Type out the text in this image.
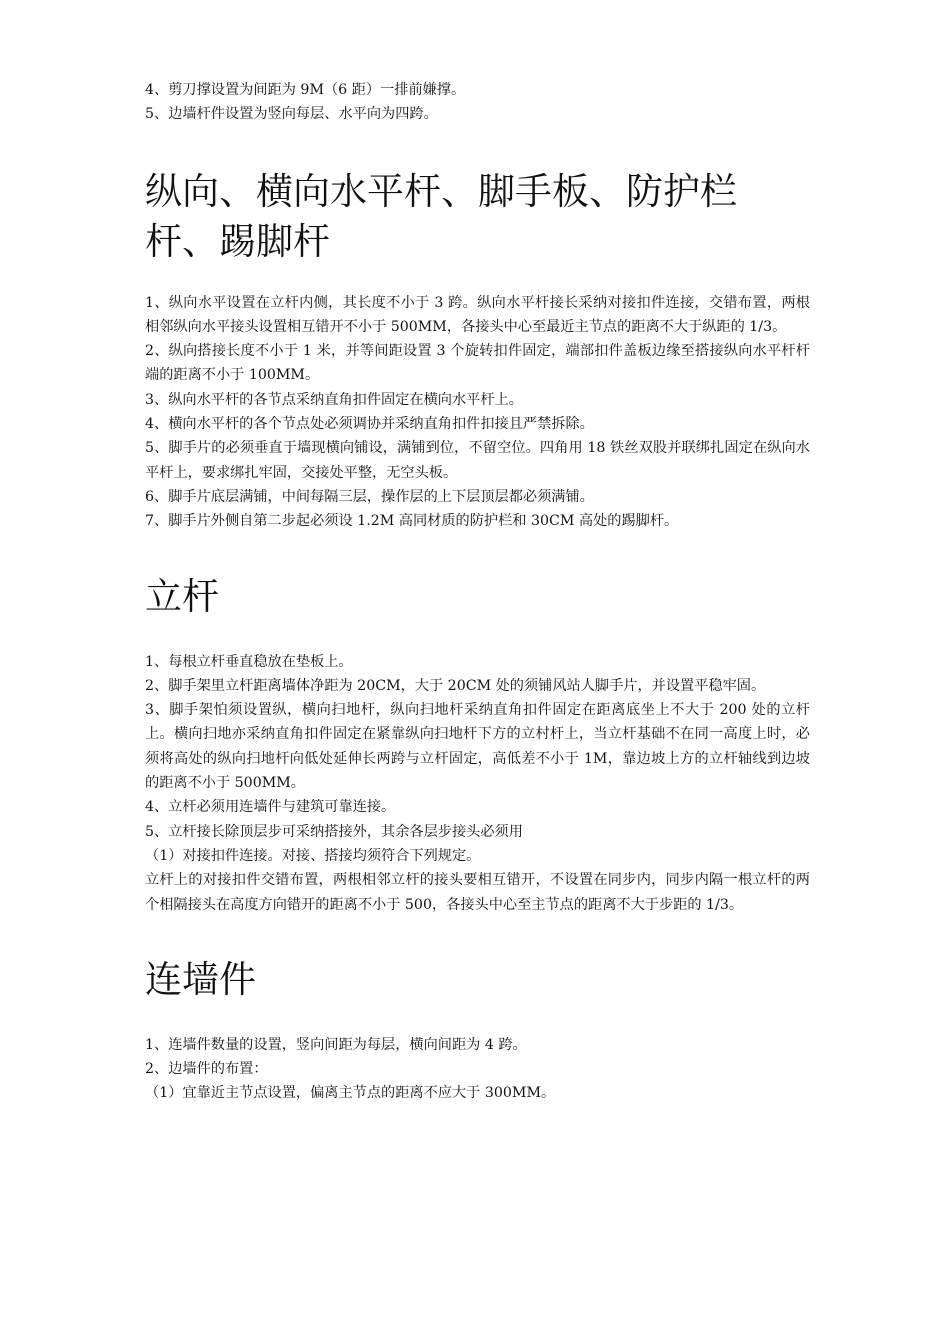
4、剪刀撑设置为间距为 9M（6 距）一排前嫌撑。

5、边墙杆件设置为竖向每层、水平向为四跨。

纵向、横向水平杆、脚手板、防护栏杆、踢脚杆

1、纵向水平设置在立杆内侧，其长度不小于 3 跨。纵向水平杆接长采纳对接扣件连接，交错布置，两根相邻纵向水平接头设置相互错开不小于 500MM，各接头中心至最近主节点的距离不大于纵距的 1/3。

2、纵向搭接长度不小于 1 米，并等间距设置 3 个旋转扣件固定，端部扣件盖板边缘至搭接纵向水平杆杆端的距离不小于 100MM。

3、纵向水平杆的各节点采纳直角扣件固定在横向水平杆上。

4、横向水平杆的各个节点处必须调协并采纳直角扣件扣接且严禁拆除。

5、脚手片的必须垂直于墙现横向铺设，满铺到位，不留空位。四角用 18 铁丝双股并联绑扎固定在纵向水平杆上，要求绑扎牢固，交接处平整，无空头板。

6、脚手片底层满铺，中间每隔三层，操作层的上下层顶层都必须满铺。

7、脚手片外侧自第二步起必须设 1.2M 高同材质的防护栏和 30CM 高处的踢脚杆。

立杆

1、每根立杆垂直稳放在垫板上。

2、脚手架里立杆距离墙体净距为 20CM，大于 20CM 处的须铺风站人脚手片，并设置平稳牢固。

3、脚手架怕须设置纵，横向扫地杆，纵向扫地杆采纳直角扣件固定在距离底坐上不大于 200 处的立杆上。横向扫地亦采纳直角扣件固定在紧靠纵向扫地杆下方的立村杆上，当立杆基础不在同一高度上时，必须将高处的纵向扫地杆向低处延伸长两跨与立杆固定，高低差不小于 1M，靠边坡上方的立杆轴线到边坡的距离不小于 500MM。

4、立杆必须用连墙件与建筑可靠连接。

5、立杆接长除顶层步可采纳搭接外，其余各层步接头必须用

（1）对接扣件连接。对接、搭接均须符合下列规定。

立杆上的对接扣件交错布置，两根相邻立杆的接头要相互错开，不设置在同步内，同步内隔一根立杆的两个相隔接头在高度方向错开的距离不小于 500，各接头中心至主节点的距离不大于步距的 1/3。

连墙件

1、连墙件数量的设置，竖向间距为每层，横向间距为 4 跨。

2、边墙件的布置：

（1）宜靠近主节点设置，偏离主节点的距离不应大于 300MM。
